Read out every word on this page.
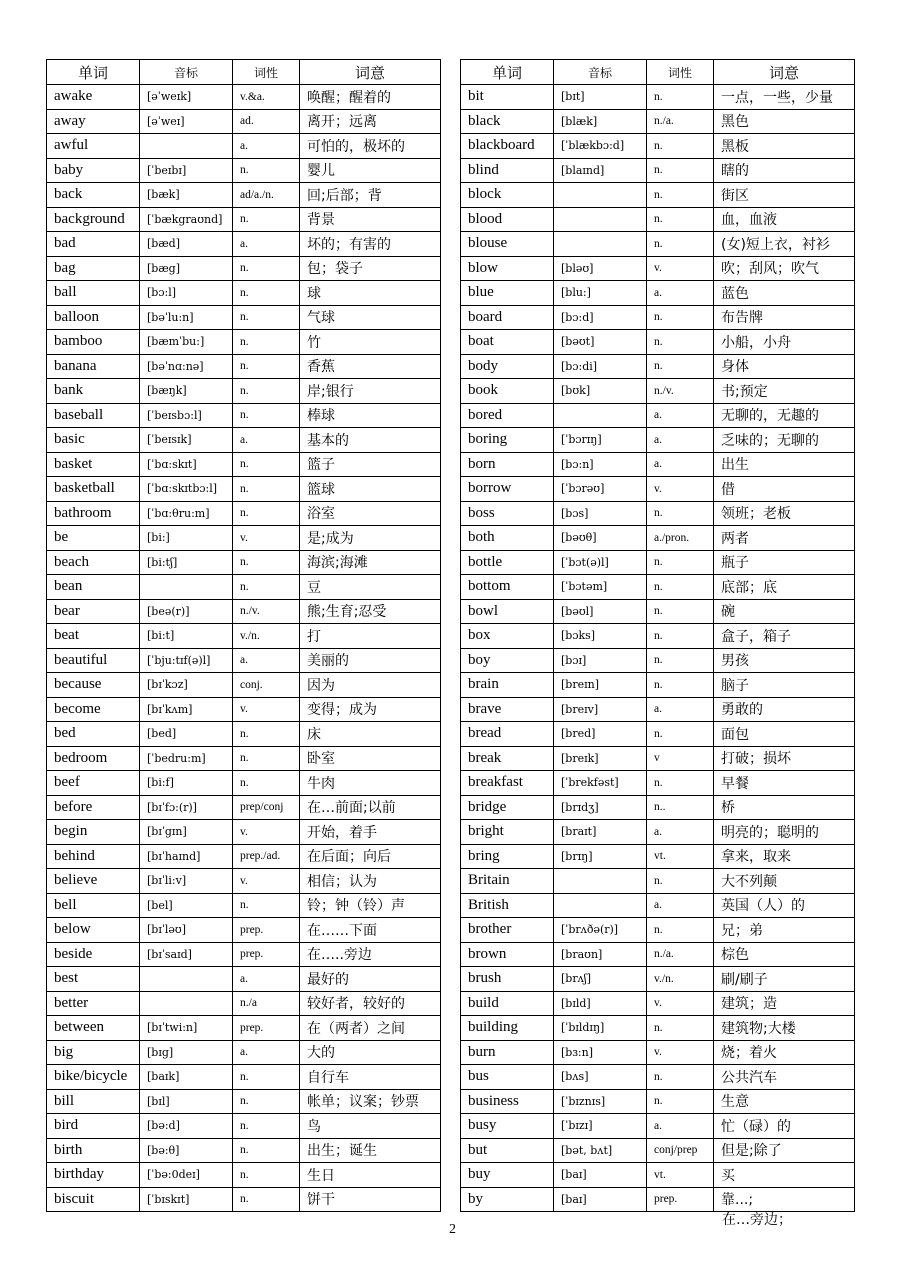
单词	音标	词性	词意
awake	[əˈweɪk]	v.&a.	唤醒；醒着的
away	[əˈweɪ]	ad.	离开；远离
awful		a.	可怕的，极坏的
baby	[ˈbeɪbɪ]	n.	婴儿
back	[bæk]	ad/a./n.	回;后部；背
background	[ˈbækgraʊnd]	n.	背景
bad	[bæd]	a.	坏的；有害的
bag	[bæg]	n.	包；袋子
ball	[bɔ:l]	n.	球
balloon	[bəˈlu:n]	n.	气球
bamboo	[bæmˈbu:]	n.	竹
banana	[bəˈnɑ:nə]	n.	香蕉
bank	[bæŋk]	n.	岸;银行
baseball	[ˈbeɪsbɔ:l]	n.	棒球
basic	[ˈbeɪsɪk]	a.	基本的
basket	[ˈbɑ:skɪt]	n.	篮子
basketball	[ˈbɑ:skɪtbɔ:l]	n.	篮球
bathroom	[ˈbɑ:θru:m]	n.	浴室
be	[bi:]	v.	是;成为
beach	[bi:tʃ]	n.	海滨;海滩
bean		n.	豆
bear	[beə(r)]	n./v.	熊;生育;忍受
beat	[bi:t]	v./n.	打
beautiful	[ˈbju:tɪf(ə)l]	a.	美丽的
because	[bɪˈkɔz]	conj.	因为
become	[bɪˈkʌm]	v.	变得；成为
bed	[bed]	n.	床
bedroom	[ˈbedru:m]	n.	卧室
beef	[bi:f]	n.	牛肉
before	[bɪˈfɔ:(r)]	prep/conj	在…前面;以前
begin	[bɪˈgɪn]	v.	开始，着手
behind	[bɪˈhaɪnd]	prep./ad.	在后面；向后
believe	[bɪˈli:v]	v.	相信；认为
bell	[bel]	n.	铃；钟（铃）声
below	[bɪˈləʊ]	prep.	在……下面
beside	[bɪˈsaɪd]	prep.	在…..旁边
best		a.	最好的
better		n./a	较好者，较好的
between	[bɪˈtwi:n]	prep.	在（两者）之间
big	[bɪg]	a.	大的
bike/bicycle	[baɪk]	n.	自行车
bill	[bɪl]	n.	帐单；议案；钞票
bird	[bə:d]	n.	鸟
birth	[bə:θ]	n.	出生；诞生
birthday	[ˈbə:0deɪ]	n.	生日
biscuit	[ˈbɪskɪt]	n.	饼干
单词	音标	词性	词意
bit	[bɪt]	n.	一点，一些，少量
black	[blæk]	n./a.	黑色
blackboard	[ˈblækbɔ:d]	n.	黑板
blind	[blaɪnd]	n.	瞎的
block		n.	街区
blood		n.	血，血液
blouse		n.	(女)短上衣，衬衫
blow	[bləʊ]	v.	吹；刮风；吹气
blue	[blu:]	a.	蓝色
board	[bɔ:d]	n.	布告牌
boat	[bəʊt]	n.	小船，小舟
body	[bɔ:di]	n.	身体
book	[bʊk]	n./v.	书;预定
bored		a.	无聊的，无趣的
boring	[ˈbɔrɪŋ]	a.	乏味的；无聊的
born	[bɔ:n]	a.	出生
borrow	[ˈbɔrəʊ]	v.	借
boss	[bɔs]	n.	领班；老板
both	[bəʊθ]	a./pron.	两者
bottle	[ˈbɔt(ə)l]	n.	瓶子
bottom	[ˈbɔtəm]	n.	底部；底
bowl	[bəʊl]	n.	碗
box	[bɔks]	n.	盒子，箱子
boy	[bɔɪ]	n.	男孩
brain	[breɪn]	n.	脑子
brave	[breɪv]	a.	勇敢的
bread	[bred]	n.	面包
break	[breɪk]	v	打破；损坏
breakfast	[ˈbrekfəst]	n.	早餐
bridge	[brɪdʒ]	n..	桥
bright	[braɪt]	a.	明亮的；聪明的
bring	[brɪŋ]	vt.	拿来，取来
Britain		n.	大不列颠
British		a.	英国（人）的
brother	[ˈbrʌðə(r)]	n.	兄；弟
brown	[braʊn]	n./a.	棕色
brush	[brʌʃ]	v./n.	刷/刷子
build	[bɪld]	v.	建筑；造
building	[ˈbɪldɪŋ]	n.	建筑物;大楼
burn	[bɜ:n]	v.	烧；着火
bus	[bʌs]	n.	公共汽车
business	[ˈbɪznɪs]	n.	生意
busy	[ˈbɪzɪ]	a.	忙（碌）的
but	[bət, bʌt]	conj/prep	但是;除了
buy	[baɪ]	vt.	买
by	[baɪ]	prep.	靠...;
在…旁边；
2
